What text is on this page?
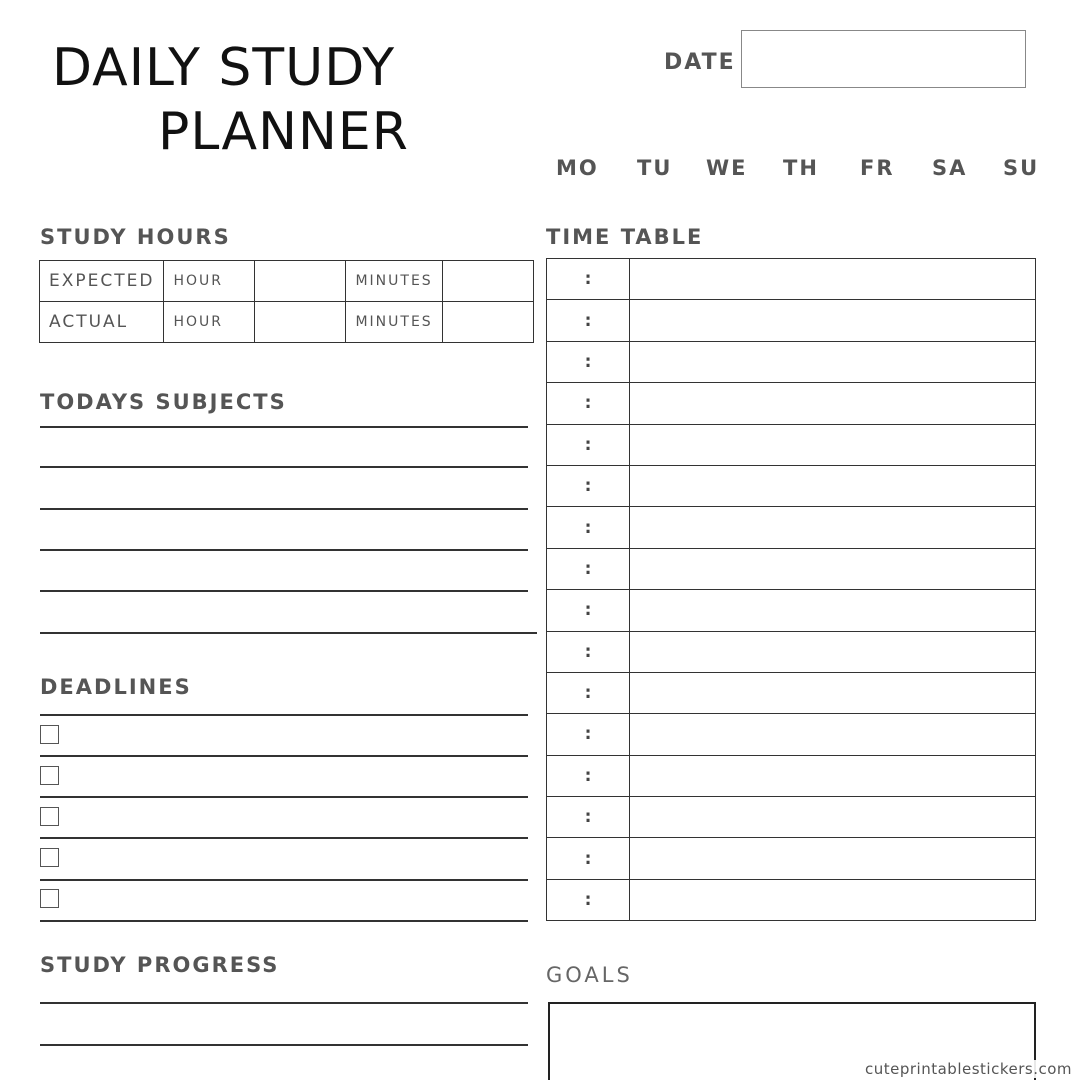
DAILY STUDY
PLANNER
DATE
MO TU WE TH FR SA SU
STUDY HOURS
EXPECTED	HOUR		MINUTES	
ACTUAL	HOUR		MINUTES	
TODAYS SUBJECTS
DEADLINES
STUDY PROGRESS
TIME TABLE
:	
:	
:	
:	
:	
:	
:	
:	
:	
:	
:	
:	
:	
:	
:	
:	
GOALS
cuteprintablestickers.com
